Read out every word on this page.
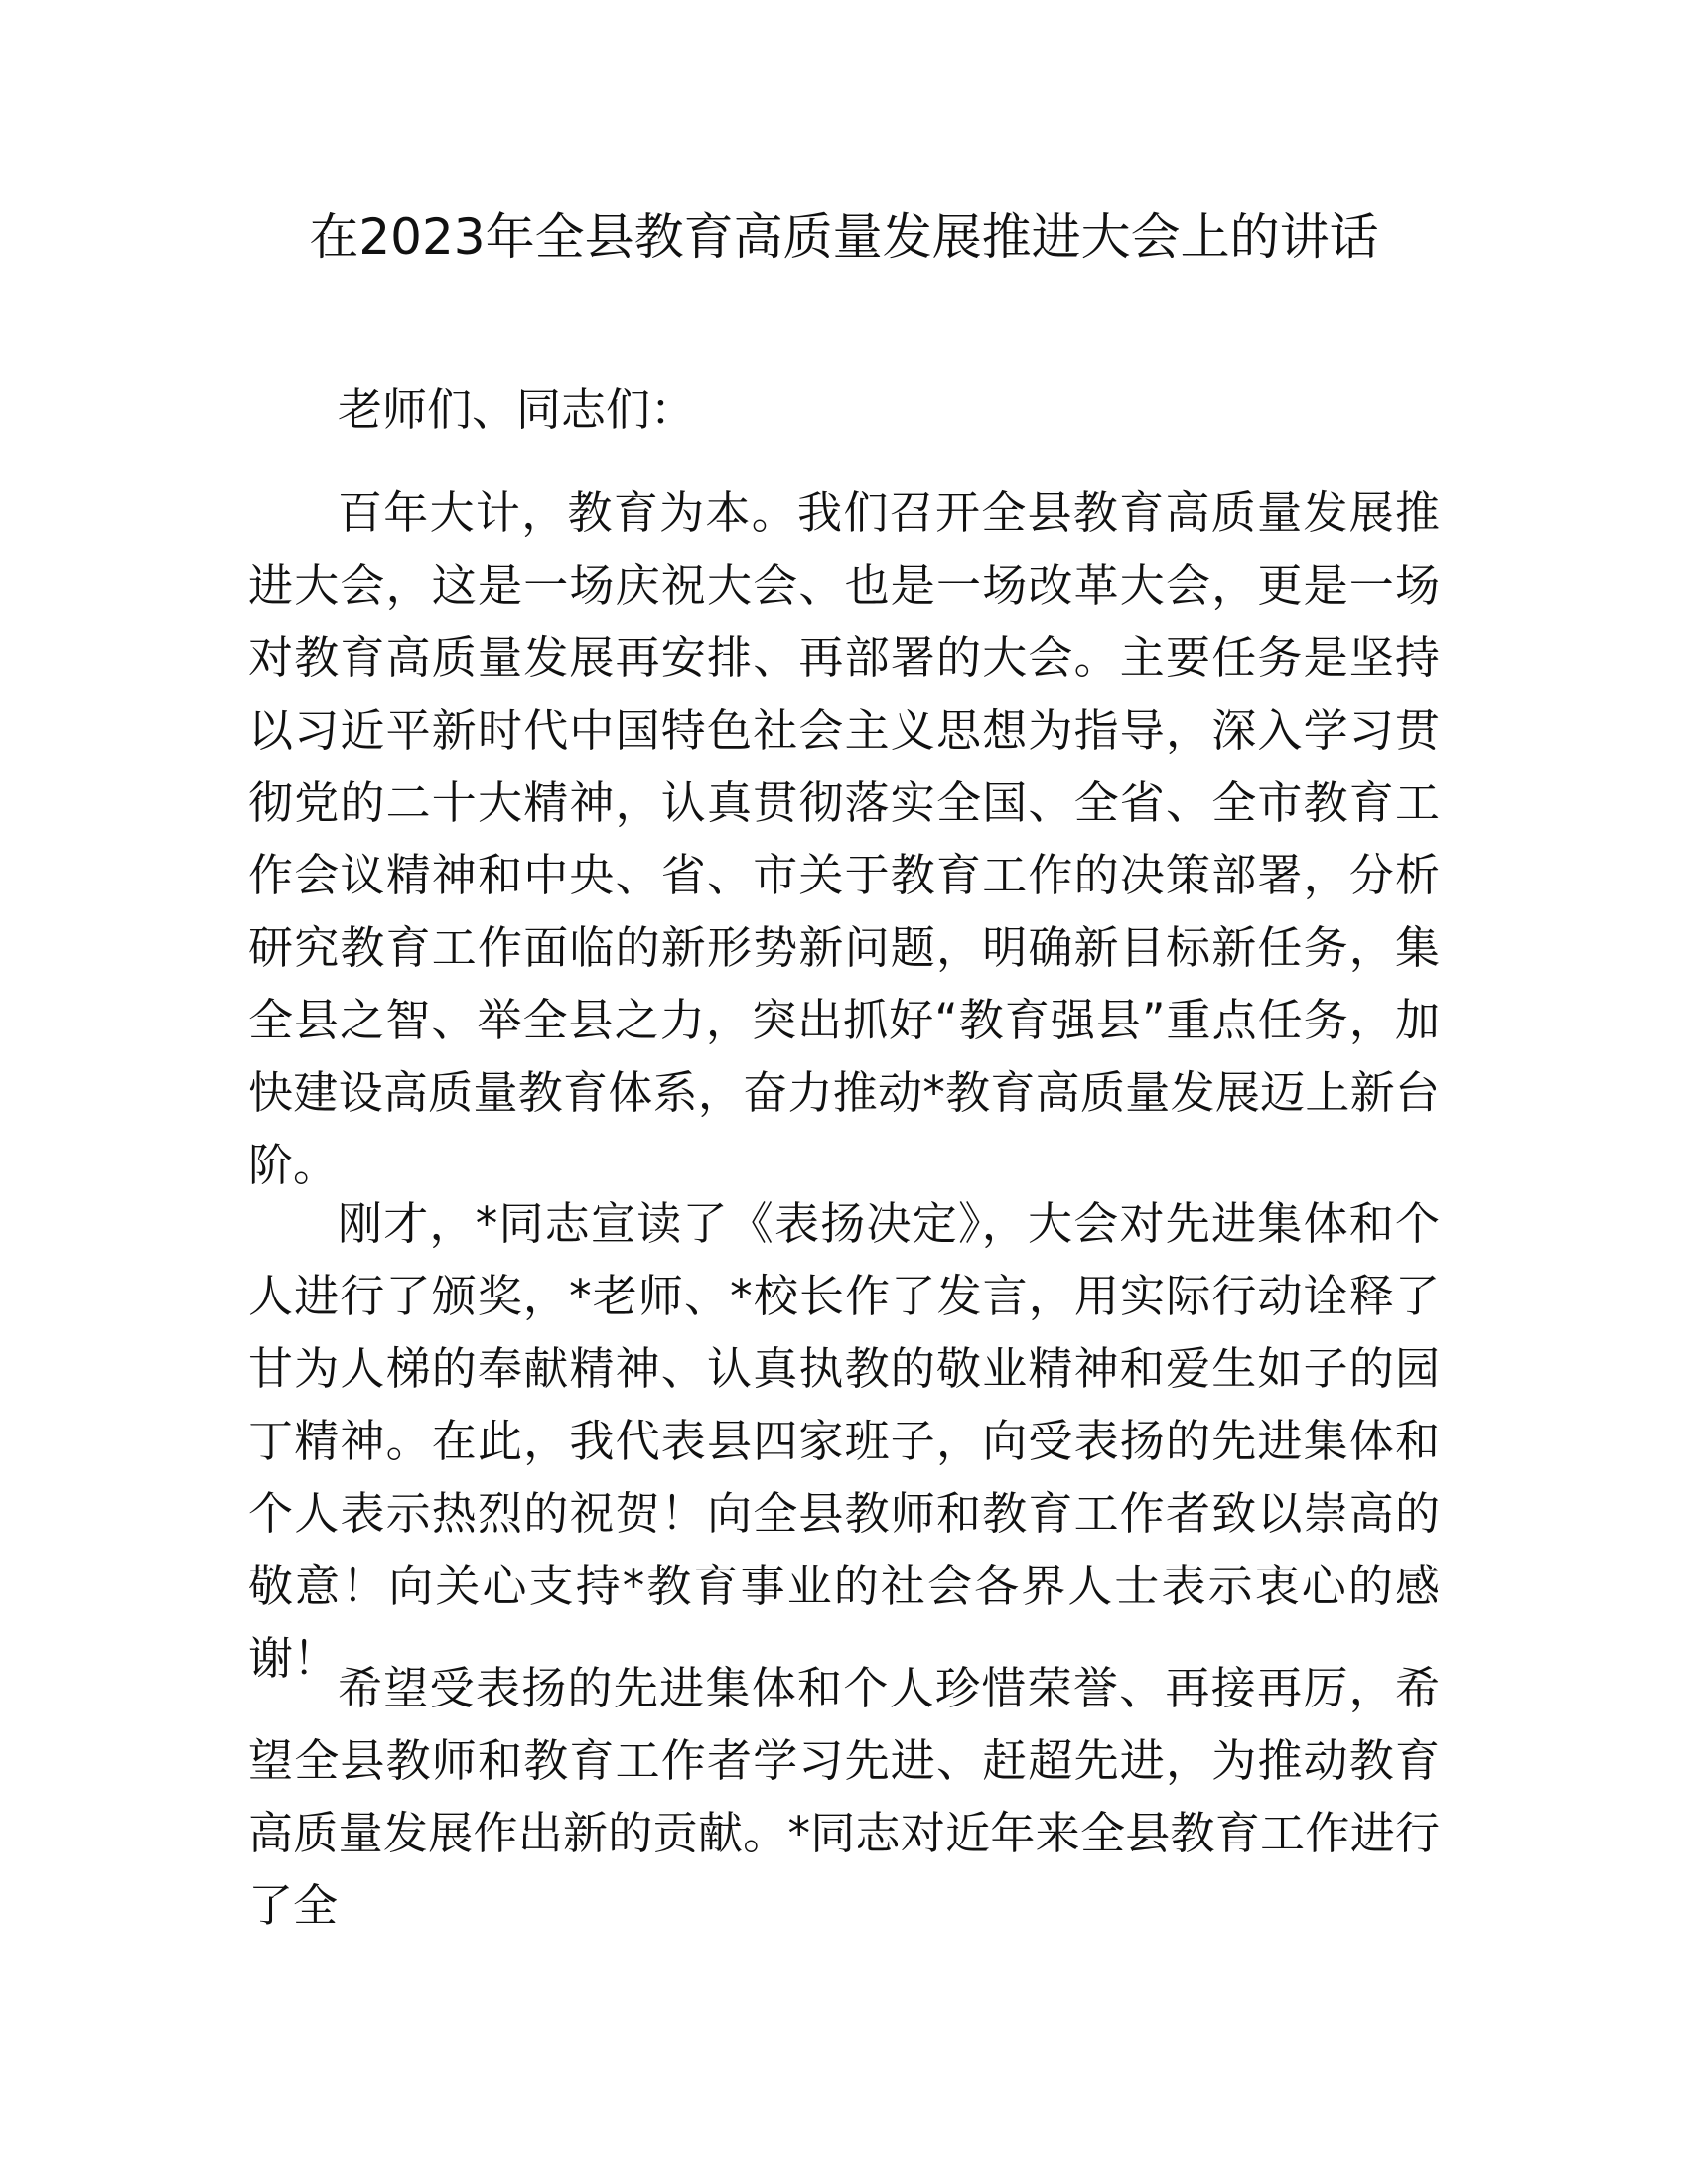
在2023年全县教育高质量发展推进大会上的讲话

老师们、同志们：

百年大计，教育为本。我们召开全县教育高质量发展推进大会，这是一场庆祝大会、也是一场改革大会，更是一场对教育高质量发展再安排、再部署的大会。主要任务是坚持以习近平新时代中国特色社会主义思想为指导，深入学习贯彻党的二十大精神，认真贯彻落实全国、全省、全市教育工作会议精神和中央、省、市关于教育工作的决策部署，分析研究教育工作面临的新形势新问题，明确新目标新任务，集全县之智、举全县之力，突出抓好“教育强县”重点任务，加快建设高质量教育体系，奋力推动*教育高质量发展迈上新台阶。

刚才，*同志宣读了《表扬决定》，大会对先进集体和个人进行了颁奖，*老师、*校长作了发言，用实际行动诠释了甘为人梯的奉献精神、认真执教的敬业精神和爱生如子的园丁精神。在此，我代表县四家班子，向受表扬的先进集体和个人表示热烈的祝贺！向全县教师和教育工作者致以崇高的敬意！向关心支持*教育事业的社会各界人士表示衷心的感谢！

希望受表扬的先进集体和个人珍惜荣誉、再接再厉，希望全县教师和教育工作者学习先进、赶超先进，为推动教育高质量发展作出新的贡献。*同志对近年来全县教育工作进行了全
